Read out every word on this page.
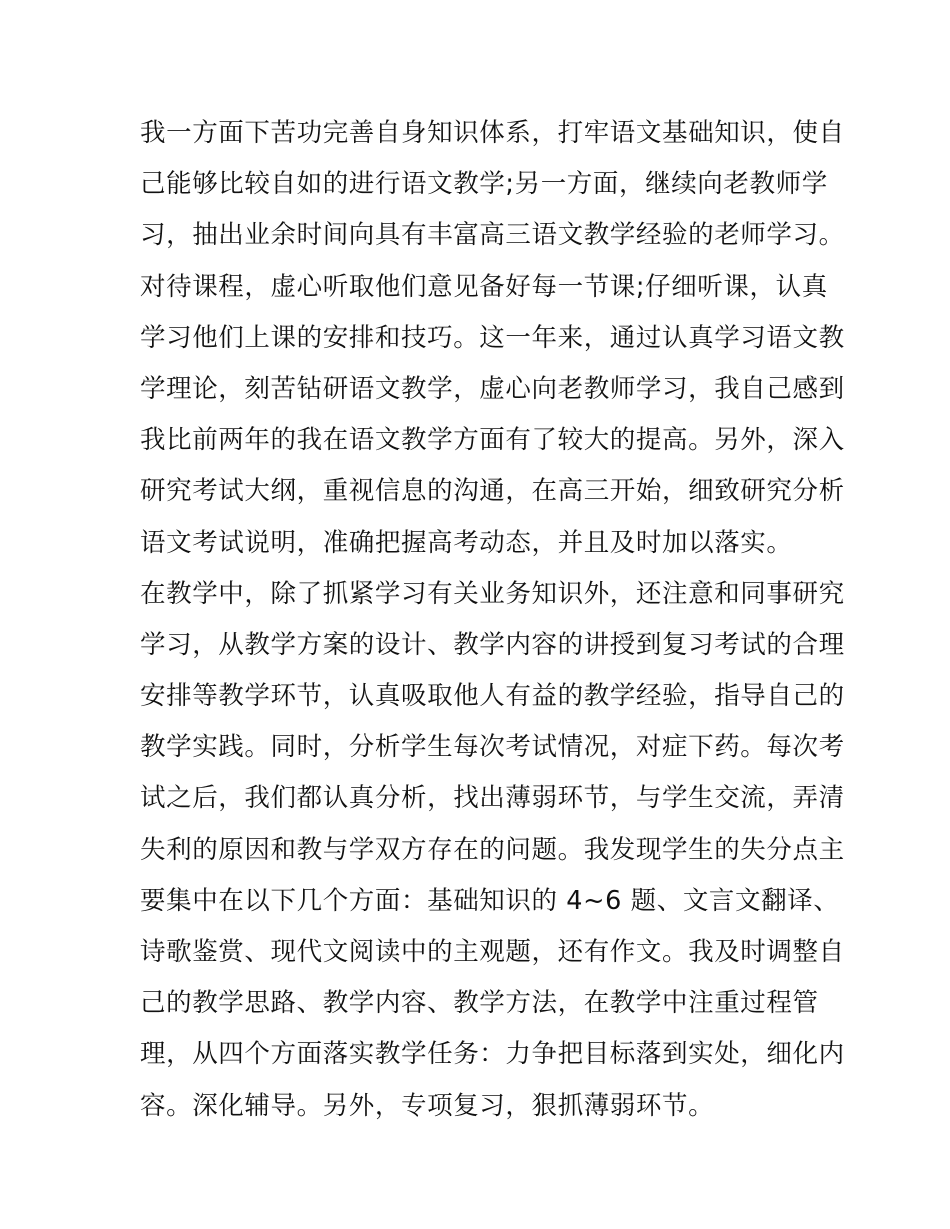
我一方面下苦功完善自身知识体系，打牢语文基础知识，使自
己能够比较自如的进行语文教学;另一方面，继续向老教师学
习，抽出业余时间向具有丰富高三语文教学经验的老师学习。
对待课程，虚心听取他们意见备好每一节课;仔细听课，认真
学习他们上课的安排和技巧。这一年来，通过认真学习语文教
学理论，刻苦钻研语文教学，虚心向老教师学习，我自己感到
我比前两年的我在语文教学方面有了较大的提高。另外，深入
研究考试大纲，重视信息的沟通，在高三开始，细致研究分析
语文考试说明，准确把握高考动态，并且及时加以落实。
在教学中，除了抓紧学习有关业务知识外，还注意和同事研究
学习，从教学方案的设计、教学内容的讲授到复习考试的合理
安排等教学环节，认真吸取他人有益的教学经验，指导自己的
教学实践。同时，分析学生每次考试情况，对症下药。每次考
试之后，我们都认真分析，找出薄弱环节，与学生交流，弄清
失利的原因和教与学双方存在的问题。我发现学生的失分点主
要集中在以下几个方面：基础知识的 4~6 题、文言文翻译、
诗歌鉴赏、现代文阅读中的主观题，还有作文。我及时调整自
己的教学思路、教学内容、教学方法，在教学中注重过程管
理，从四个方面落实教学任务：力争把目标落到实处，细化内
容。深化辅导。另外，专项复习，狠抓薄弱环节。
